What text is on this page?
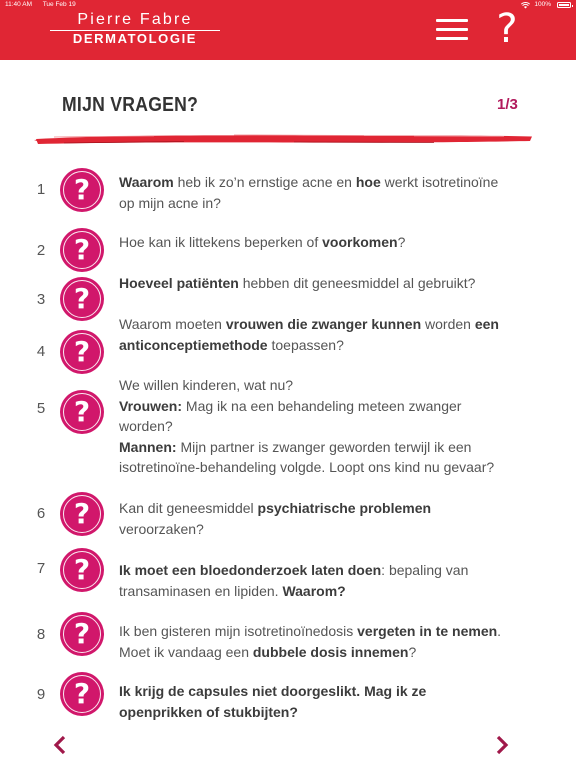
Pierre Fabre
DERMATOLOGIE	?
11:40 AM Tue Feb 19	100%
MIJN VRAGEN?	1/3
1	?	Waarom heb ik zo’n ernstige acne en hoe werkt isotretinoïne
op mijn acne in?
2	?	Hoe kan ik littekens beperken of voorkomen?
3	?	Hoeveel patiënten hebben dit geneesmiddel al gebruikt?
4	?
Waarom moeten vrouwen die zwanger kunnen worden een
anticonceptiemethode toepassen?
5	?
We willen kinderen, wat nu?
Vrouwen: Mag ik na een behandeling meteen zwanger
worden?
Mannen: Mijn partner is zwanger geworden terwijl ik een
isotretinoïne-behandeling volgde. Loopt ons kind nu gevaar?
6	?	Kan dit geneesmiddel psychiatrische problemen
veroorzaken?
7	?	Ik moet een bloedonderzoek laten doen: bepaling van
transaminasen en lipiden. Waarom?
8	?	Ik ben gisteren mijn isotretinoïnedosis vergeten in te nemen.
Moet ik vandaag een dubbele dosis innemen?
9	?	Ik krijg de capsules niet doorgeslikt. Mag ik ze
openprikken of stukbijten?
